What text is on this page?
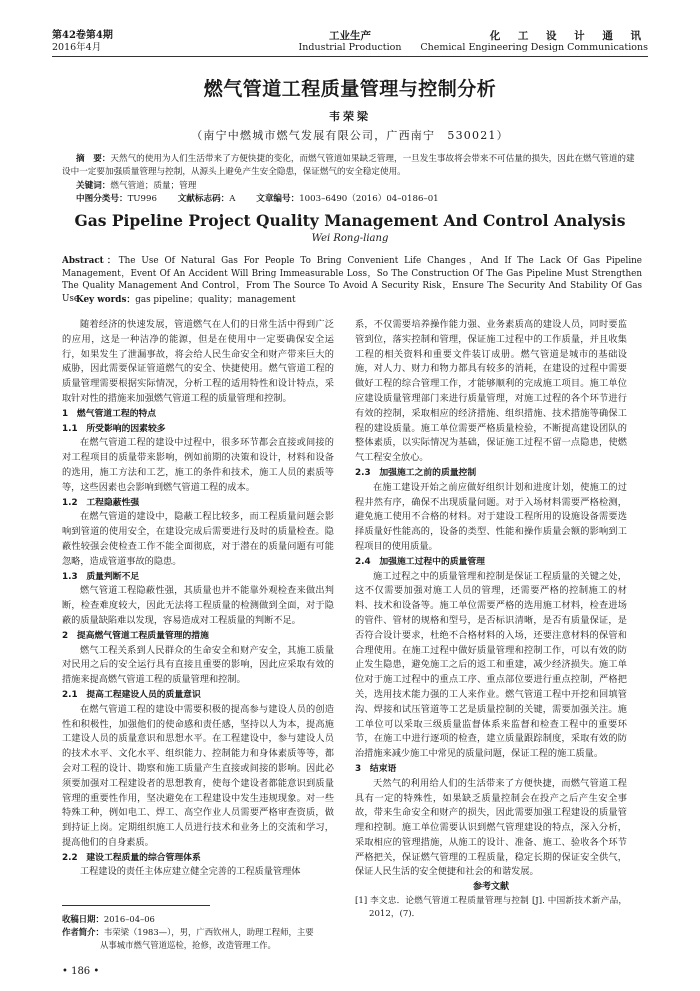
第42卷第4期
2016年4月
工业生产
Industrial Production
化 工 设 计 通 讯
Chemical Engineering Design Communications
燃气管道工程质量管理与控制分析
韦荣梁
（南宁中燃城市燃气发展有限公司，广西南宁　530021）
摘　要：天然气的使用为人们生活带来了方便快捷的变化，而燃气管道如果缺乏管理，一旦发生事故将会带来不可估量的损失，因此在燃气管道的建设中一定要加强质量管理与控制，从源头上避免产生安全隐患，保证燃气的安全稳定使用。
关键词：燃气管道；质量；管理
中图分类号：TU996 文献标志码：A 文章编号：1003–6490（2016）04–0186–01
Gas Pipeline Project Quality Management And Control Analysis
Wei Rong-liang
Abstract：The Use Of Natural Gas For People To Bring Convenient Life Changes，And If The Lack Of Gas Pipeline Management，Event Of An Accident Will Bring Immeasurable Loss，So The Construction Of The Gas Pipeline Must Strengthen The Quality Management And Control，From The Source To Avoid A Security Risk，Ensure The Security And Stability Of Gas Use.
Key words：gas pipeline；quality；management

随着经济的快速发展，管道燃气在人们的日常生活中得到广泛的应用，这是一种洁净的能源，但是在使用中一定要确保安全运行，如果发生了泄漏事故，将会给人民生命安全和财产带来巨大的威胁，因此需要保证管道燃气的安全、快捷使用。燃气管道工程的质量管理需要根据实际情况，分析工程的适用特性和设计特点，采取针对性的措施来加强燃气管道工程的质量管理和控制。

1　燃气管道工程的特点
1.1　所受影响的因素较多

在燃气管道工程的建设中过程中，很多环节都会直接或间接的对工程项目的质量带来影响，例如前期的决策和设计，材料和设备的选用，施工方法和工艺，施工的条件和技术，施工人员的素质等等，这些因素也会影响到燃气管道工程的成本。

1.2　工程隐蔽性强

在燃气管道的建设中，隐蔽工程比较多，而工程质量问题会影响到管道的使用安全，在建设完成后需要进行及时的质量检查。隐蔽性较强会使检查工作不能全面彻底，对于潜在的质量问题有可能忽略，造成管道事故的隐患。

1.3　质量判断不足

燃气管道工程隐蔽性强，其质量也并不能靠外观检查来做出判断，检查难度较大，因此无法将工程质量的检测做到全面，对于隐蔽的质量缺陷难以发现，容易造成对工程质量的判断不足。

2　提高燃气管道工程质量管理的措施

燃气工程关系到人民群众的生命安全和财产安全，其施工质量对民用之后的安全运行具有直接且重要的影响，因此应采取有效的措施来提高燃气管道工程的质量管理和控制。

2.1　提高工程建设人员的质量意识

在燃气管道工程的建设中需要积极的提高参与建设人员的创造性和积极性，加强他们的使命感和责任感，坚持以人为本，提高施工建设人员的质量意识和思想水平。在工程建设中，参与建设人员的技术水平、文化水平、组织能力、控制能力和身体素质等等，都会对工程的设计、勘察和施工质量产生直接或间接的影响。因此必须要加强对工程建设者的思想教育，使每个建设者都能意识到质量管理的重要性作用，坚决避免在工程建设中发生违规现象。对一些特殊工种，例如电工、焊工、高空作业人员需要严格审查资质，做到持证上岗。定期组织施工人员进行技术和业务上的交流和学习，提高他们的自身素质。

2.2　建设工程质量的综合管理体系

工程建设的责任主体应建立健全完善的工程质量管理体

系，不仅需要培养操作能力强、业务素质高的建设人员，同时要监管到位，落实控制和管理，保证施工过程中的工作质量，并且收集工程的相关资料和重要文件装订成册。燃气管道是城市的基础设施，对人力、财力和物力都具有较多的消耗，在建设的过程中需要做好工程的综合管理工作，才能够顺利的完成施工项目。施工单位应建设质量管理部门来进行质量管理，对施工过程的各个环节进行有效的控制，采取相应的经济措施、组织措施、技术措施等确保工程的建设质量。施工单位需要严格质量检验，不断提高建设团队的整体素质，以实际情况为基础，保证施工过程不留一点隐患，使燃气工程安全放心。

2.3　加强施工之前的质量控制

在施工建设开始之前应做好组织计划和进度计划，使施工的过程井然有序，确保不出现质量问题。对于入场材料需要严格检测，避免施工使用不合格的材料。对于建设工程所用的设施设备需要选择质量好性能高的，设备的类型、性能和操作质量会额的影响到工程项目的使用质量。

2.4　加强施工过程中的质量管理

施工过程之中的质量管理和控制是保证工程质量的关键之处，这不仅需要加强对施工人员的管理，还需要严格的控制施工的材料、技术和设备等。施工单位需要严格的选用施工材料，检查进场的管件、管材的规格和型号，是否标识清晰，是否有质量保证，是否符合设计要求，杜绝不合格材料的入场，还要注意材料的保管和合理使用。在施工过程中做好质量管理和控制工作，可以有效的防止发生隐患，避免施工之后的返工和重建，减少经济损失。施工单位对于施工过程中的重点工序、重点部位要进行重点控制，严格把关，选用技术能力强的工人来作业。燃气管道工程中开挖和回填管沟、焊接和试压管道等工艺是质量控制的关键，需要加强关注。施工单位可以采取三级质量监督体系来监督和检查工程中的重要环节，在施工中进行逐项的检查，建立质量跟踪制度，采取有效的防治措施来减少施工中常见的质量问题，保证工程的施工质量。

3　结束语

天然气的利用给人们的生活带来了方便快捷，而燃气管道工程具有一定的特殊性，如果缺乏质量控制会在投产之后产生安全事故，带来生命安全和财产的损失，因此需要加强工程建设的质量管理和控制。施工单位需要认识到燃气管理建设的特点，深入分析，采取相应的管理措施，从施工的设计、准备、施工、验收各个环节严格把关，保证燃气管理的工程质量，稳定长期的保证安全供气，保证人民生活的安全便捷和社会的和谐发展。

参考文献

[1] 李文忠．论燃气管道工程质量管理与控制 [J]. 中国新技术新产品，2012，(7)．

收稿日期：2016–04–06
作者简介：韦荣梁（1983—），男，广西钦州人，助理工程师，主要
从事城市燃气管道巡检，抢修，改造管理工作。
• 186 •
